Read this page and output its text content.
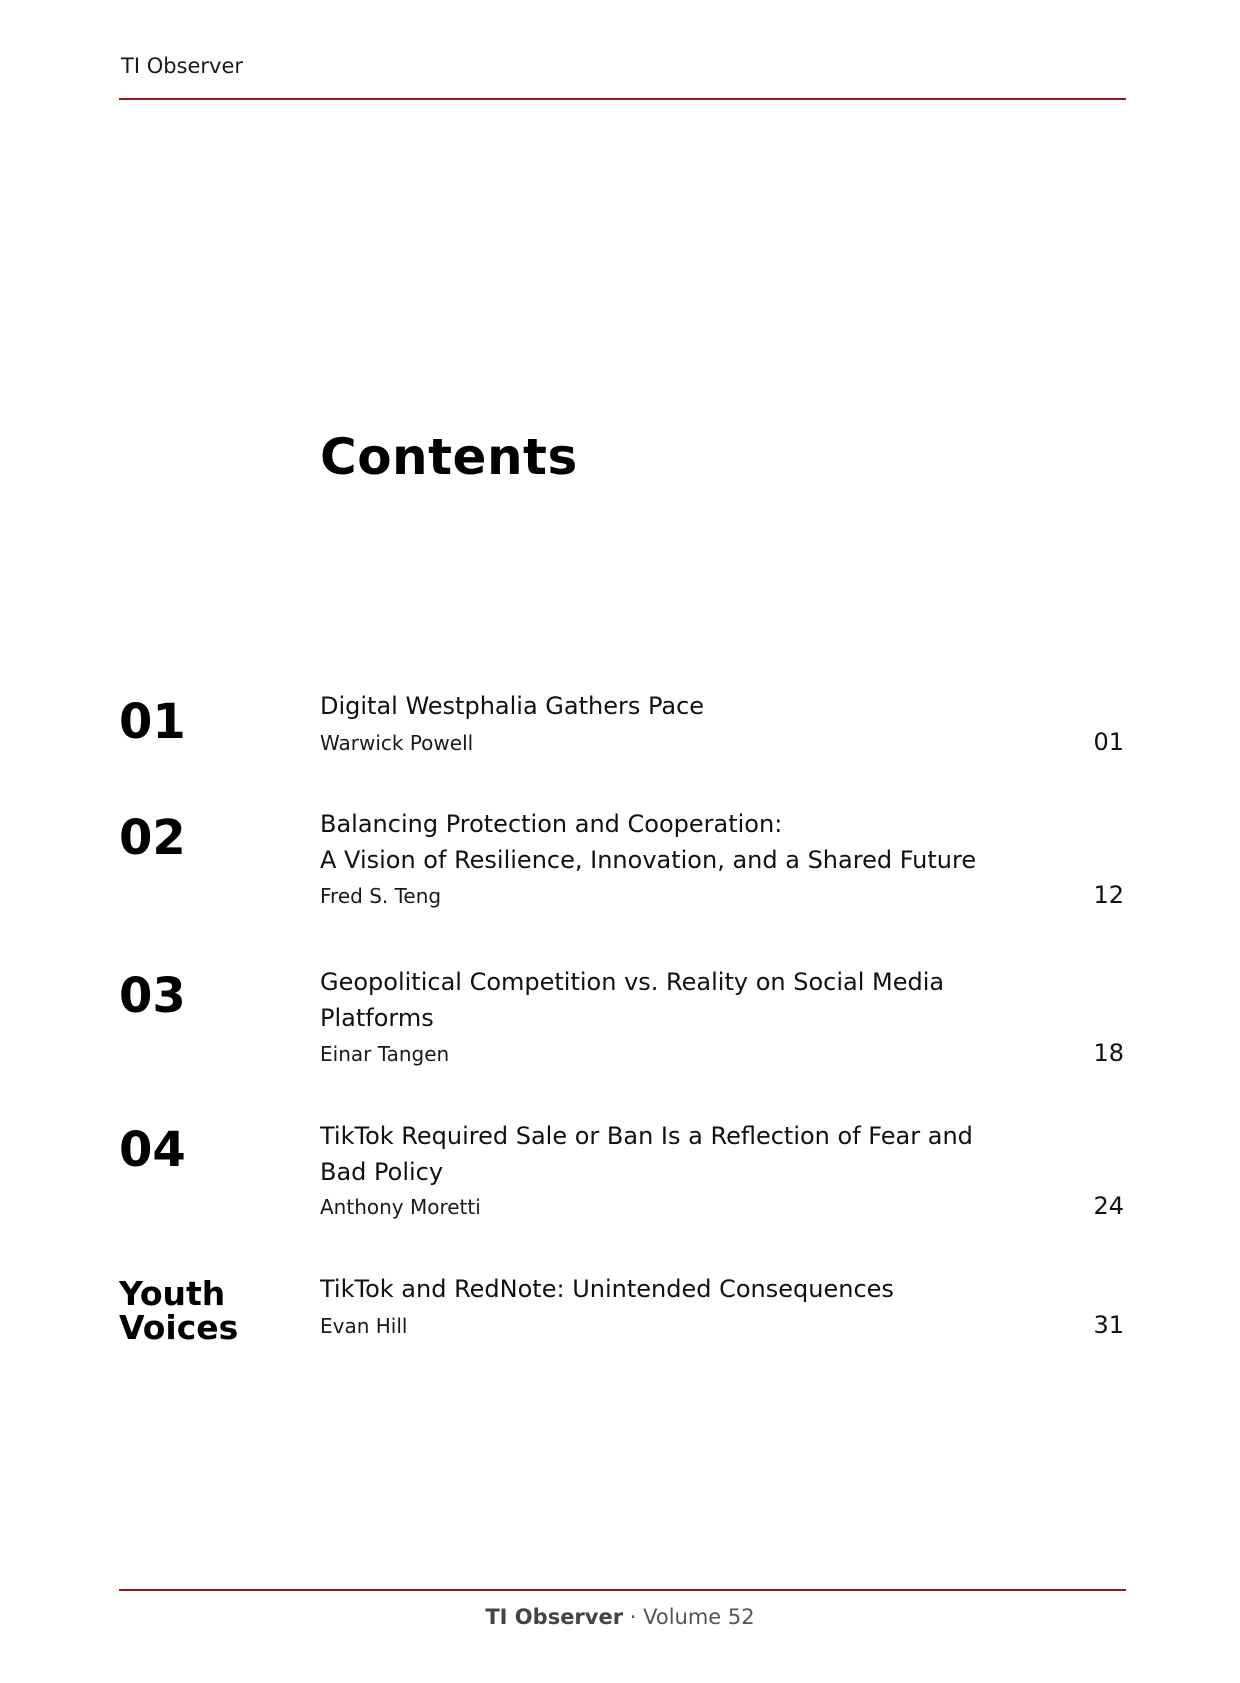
TI Observer
Contents
01	Digital Westphalia Gathers Pace
Warwick Powell	01
02	Balancing Protection and Cooperation:
A Vision of Resilience, Innovation, and a Shared Future
Fred S. Teng	12
03	Geopolitical Competition vs. Reality on Social Media Platforms
Einar Tangen	18
04	TikTok Required Sale or Ban Is a Reflection of Fear and Bad Policy
Anthony Moretti	24
Youth Voices
TikTok and RedNote: Unintended Consequences
Evan Hill	31
TI Observer · Volume 52
